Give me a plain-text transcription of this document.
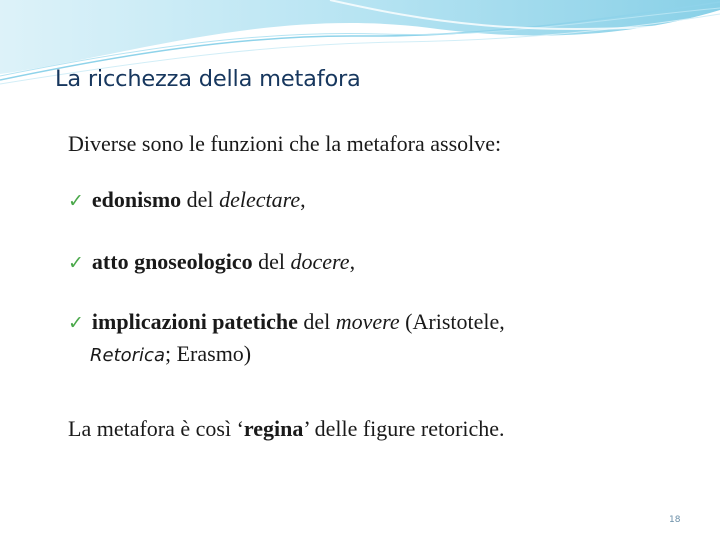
La ricchezza della metafora
Diverse sono le funzioni che la metafora assolve:
✓ edonismo del delectare,
✓ atto gnoseologico del docere,
✓ implicazioni patetiche del movere (Aristotele,
Retorica; Erasmo)
La metafora è così ‘regina’ delle figure retoriche.
18
